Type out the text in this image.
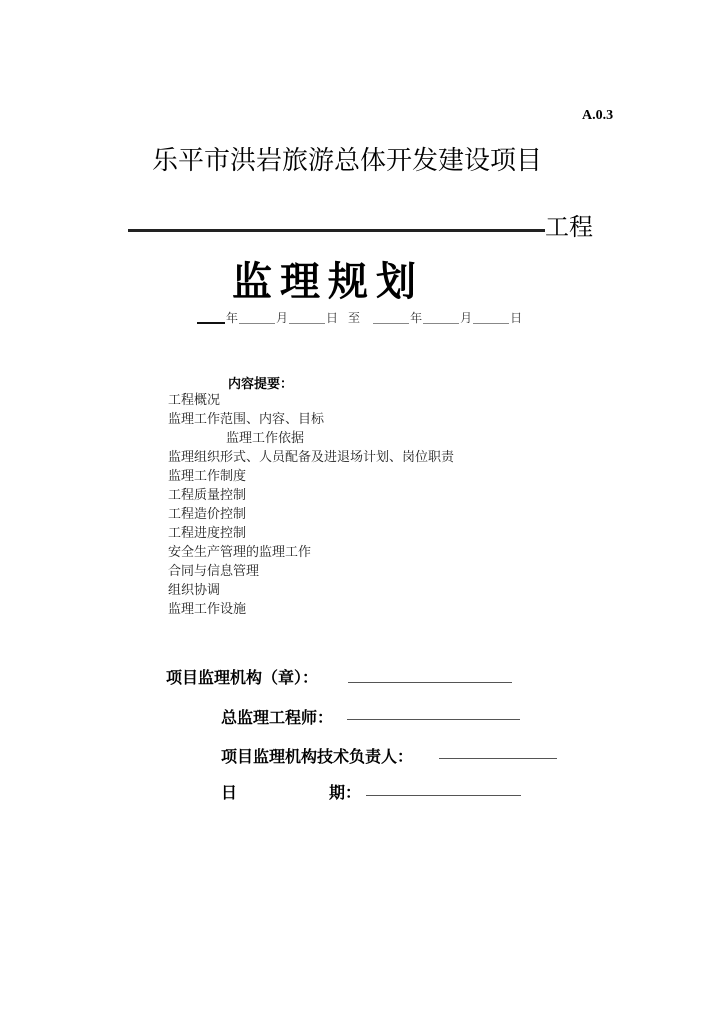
A.0.3
乐平市洪岩旅游总体开发建设项目
工程
监理规划
年	月	日 至	年	月	日
内容提要：
工程概况
监理工作范围、内容、目标
监理工作依据
监理组织形式、人员配备及进退场计划、岗位职责
监理工作制度
工程质量控制
工程造价控制
工程进度控制
安全生产管理的监理工作
合同与信息管理
组织协调
监理工作设施
项目监理机构（章）：
总监理工程师：
项目监理机构技术负责人：
日	期：
